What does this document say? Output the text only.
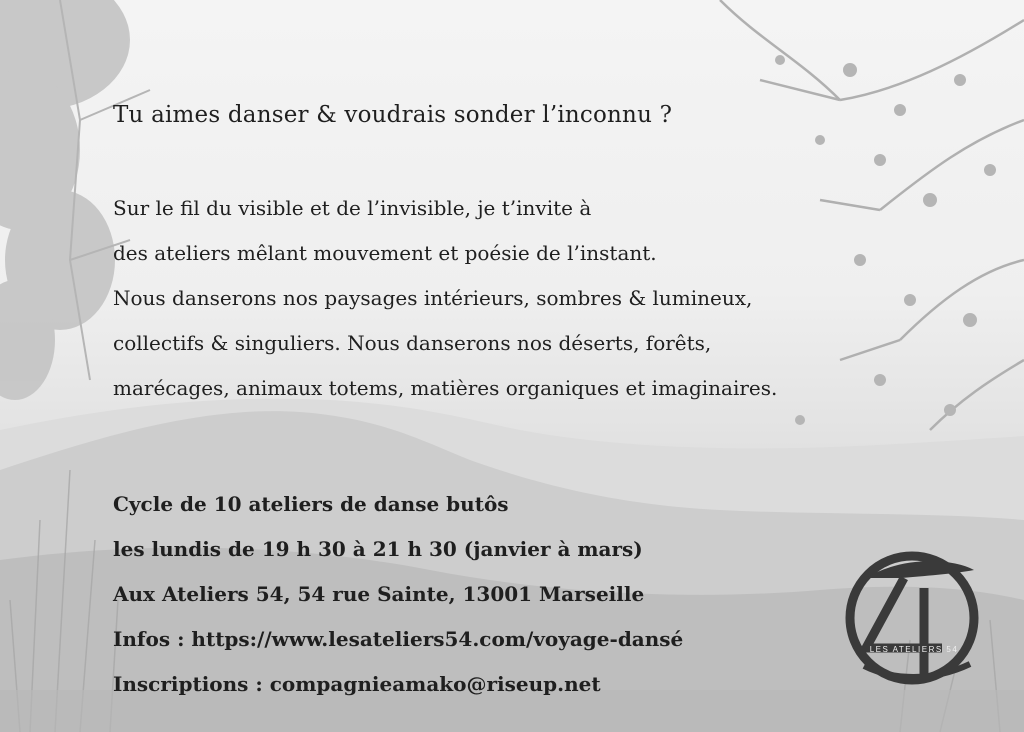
Tu aimes danser & voudrais sonder l’inconnu ?

Sur le fil du visible et de l’invisible, je t’invite à
des ateliers mêlant mouvement et poésie de l’instant.
Nous danserons nos paysages intérieurs, sombres & lumineux,
collectifs & singuliers. Nous danserons nos déserts, forêts,
marécages, animaux totems, matières organiques et imaginaires.

Cycle de 10 ateliers de danse butôs
les lundis de 19 h 30 à 21 h 30 (janvier à mars)
Aux Ateliers 54, 54 rue Sainte, 13001 Marseille
Infos : https://www.lesateliers54.com/voyage-dansé
Inscriptions : compagnieamako@riseup.net

LES ATELIERS 54
